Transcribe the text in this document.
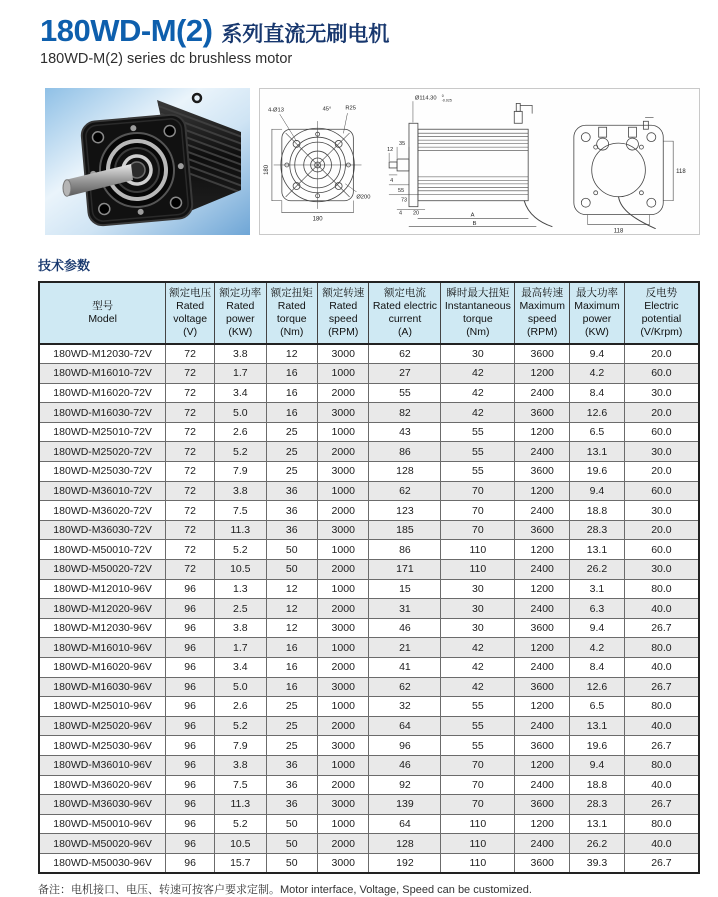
180WD-M(2) 系列直流无刷电机
180WD-M(2) series dc brushless motor
4-Ø13	45° R25
180
180
Ø200
35
12
4
55
73
4 20	A
B
Ø114.30 0
-0.025
118
118
技术参数
型号
Model	额定电压
Rated voltage
(V)	额定功率
Rated power
(KW)	额定扭矩
Rated torque
(Nm)	额定转速
Rated speed
(RPM)	额定电流
Rated electric current
(A)	瞬时最大扭矩
Instantaneous torque
(Nm)	最高转速
Maximum speed
(RPM)	最大功率
Maximum power
(KW)	反电势
Electric potential
(V/Krpm)

180WD-M12030-72V	72	3.8	12	3000	62	30	3600	9.4	20.0
180WD-M16010-72V	72	1.7	16	1000	27	42	1200	4.2	60.0
180WD-M16020-72V	72	3.4	16	2000	55	42	2400	8.4	30.0
180WD-M16030-72V	72	5.0	16	3000	82	42	3600	12.6	20.0
180WD-M25010-72V	72	2.6	25	1000	43	55	1200	6.5	60.0
180WD-M25020-72V	72	5.2	25	2000	86	55	2400	13.1	30.0
180WD-M25030-72V	72	7.9	25	3000	128	55	3600	19.6	20.0
180WD-M36010-72V	72	3.8	36	1000	62	70	1200	9.4	60.0
180WD-M36020-72V	72	7.5	36	2000	123	70	2400	18.8	30.0
180WD-M36030-72V	72	11.3	36	3000	185	70	3600	28.3	20.0
180WD-M50010-72V	72	5.2	50	1000	86	110	1200	13.1	60.0
180WD-M50020-72V	72	10.5	50	2000	171	110	2400	26.2	30.0
180WD-M12010-96V	96	1.3	12	1000	15	30	1200	3.1	80.0
180WD-M12020-96V	96	2.5	12	2000	31	30	2400	6.3	40.0
180WD-M12030-96V	96	3.8	12	3000	46	30	3600	9.4	26.7
180WD-M16010-96V	96	1.7	16	1000	21	42	1200	4.2	80.0
180WD-M16020-96V	96	3.4	16	2000	41	42	2400	8.4	40.0
180WD-M16030-96V	96	5.0	16	3000	62	42	3600	12.6	26.7
180WD-M25010-96V	96	2.6	25	1000	32	55	1200	6.5	80.0
180WD-M25020-96V	96	5.2	25	2000	64	55	2400	13.1	40.0
180WD-M25030-96V	96	7.9	25	3000	96	55	3600	19.6	26.7
180WD-M36010-96V	96	3.8	36	1000	46	70	1200	9.4	80.0
180WD-M36020-96V	96	7.5	36	2000	92	70	2400	18.8	40.0
180WD-M36030-96V	96	11.3	36	3000	139	70	3600	28.3	26.7
180WD-M50010-96V	96	5.2	50	1000	64	110	1200	13.1	80.0
180WD-M50020-96V	96	10.5	50	2000	128	110	2400	26.2	40.0
180WD-M50030-96V	96	15.7	50	3000	192	110	3600	39.3	26.7
备注：电机接口、电压、转速可按客户要求定制。Motor interface, Voltage, Speed can be customized.
